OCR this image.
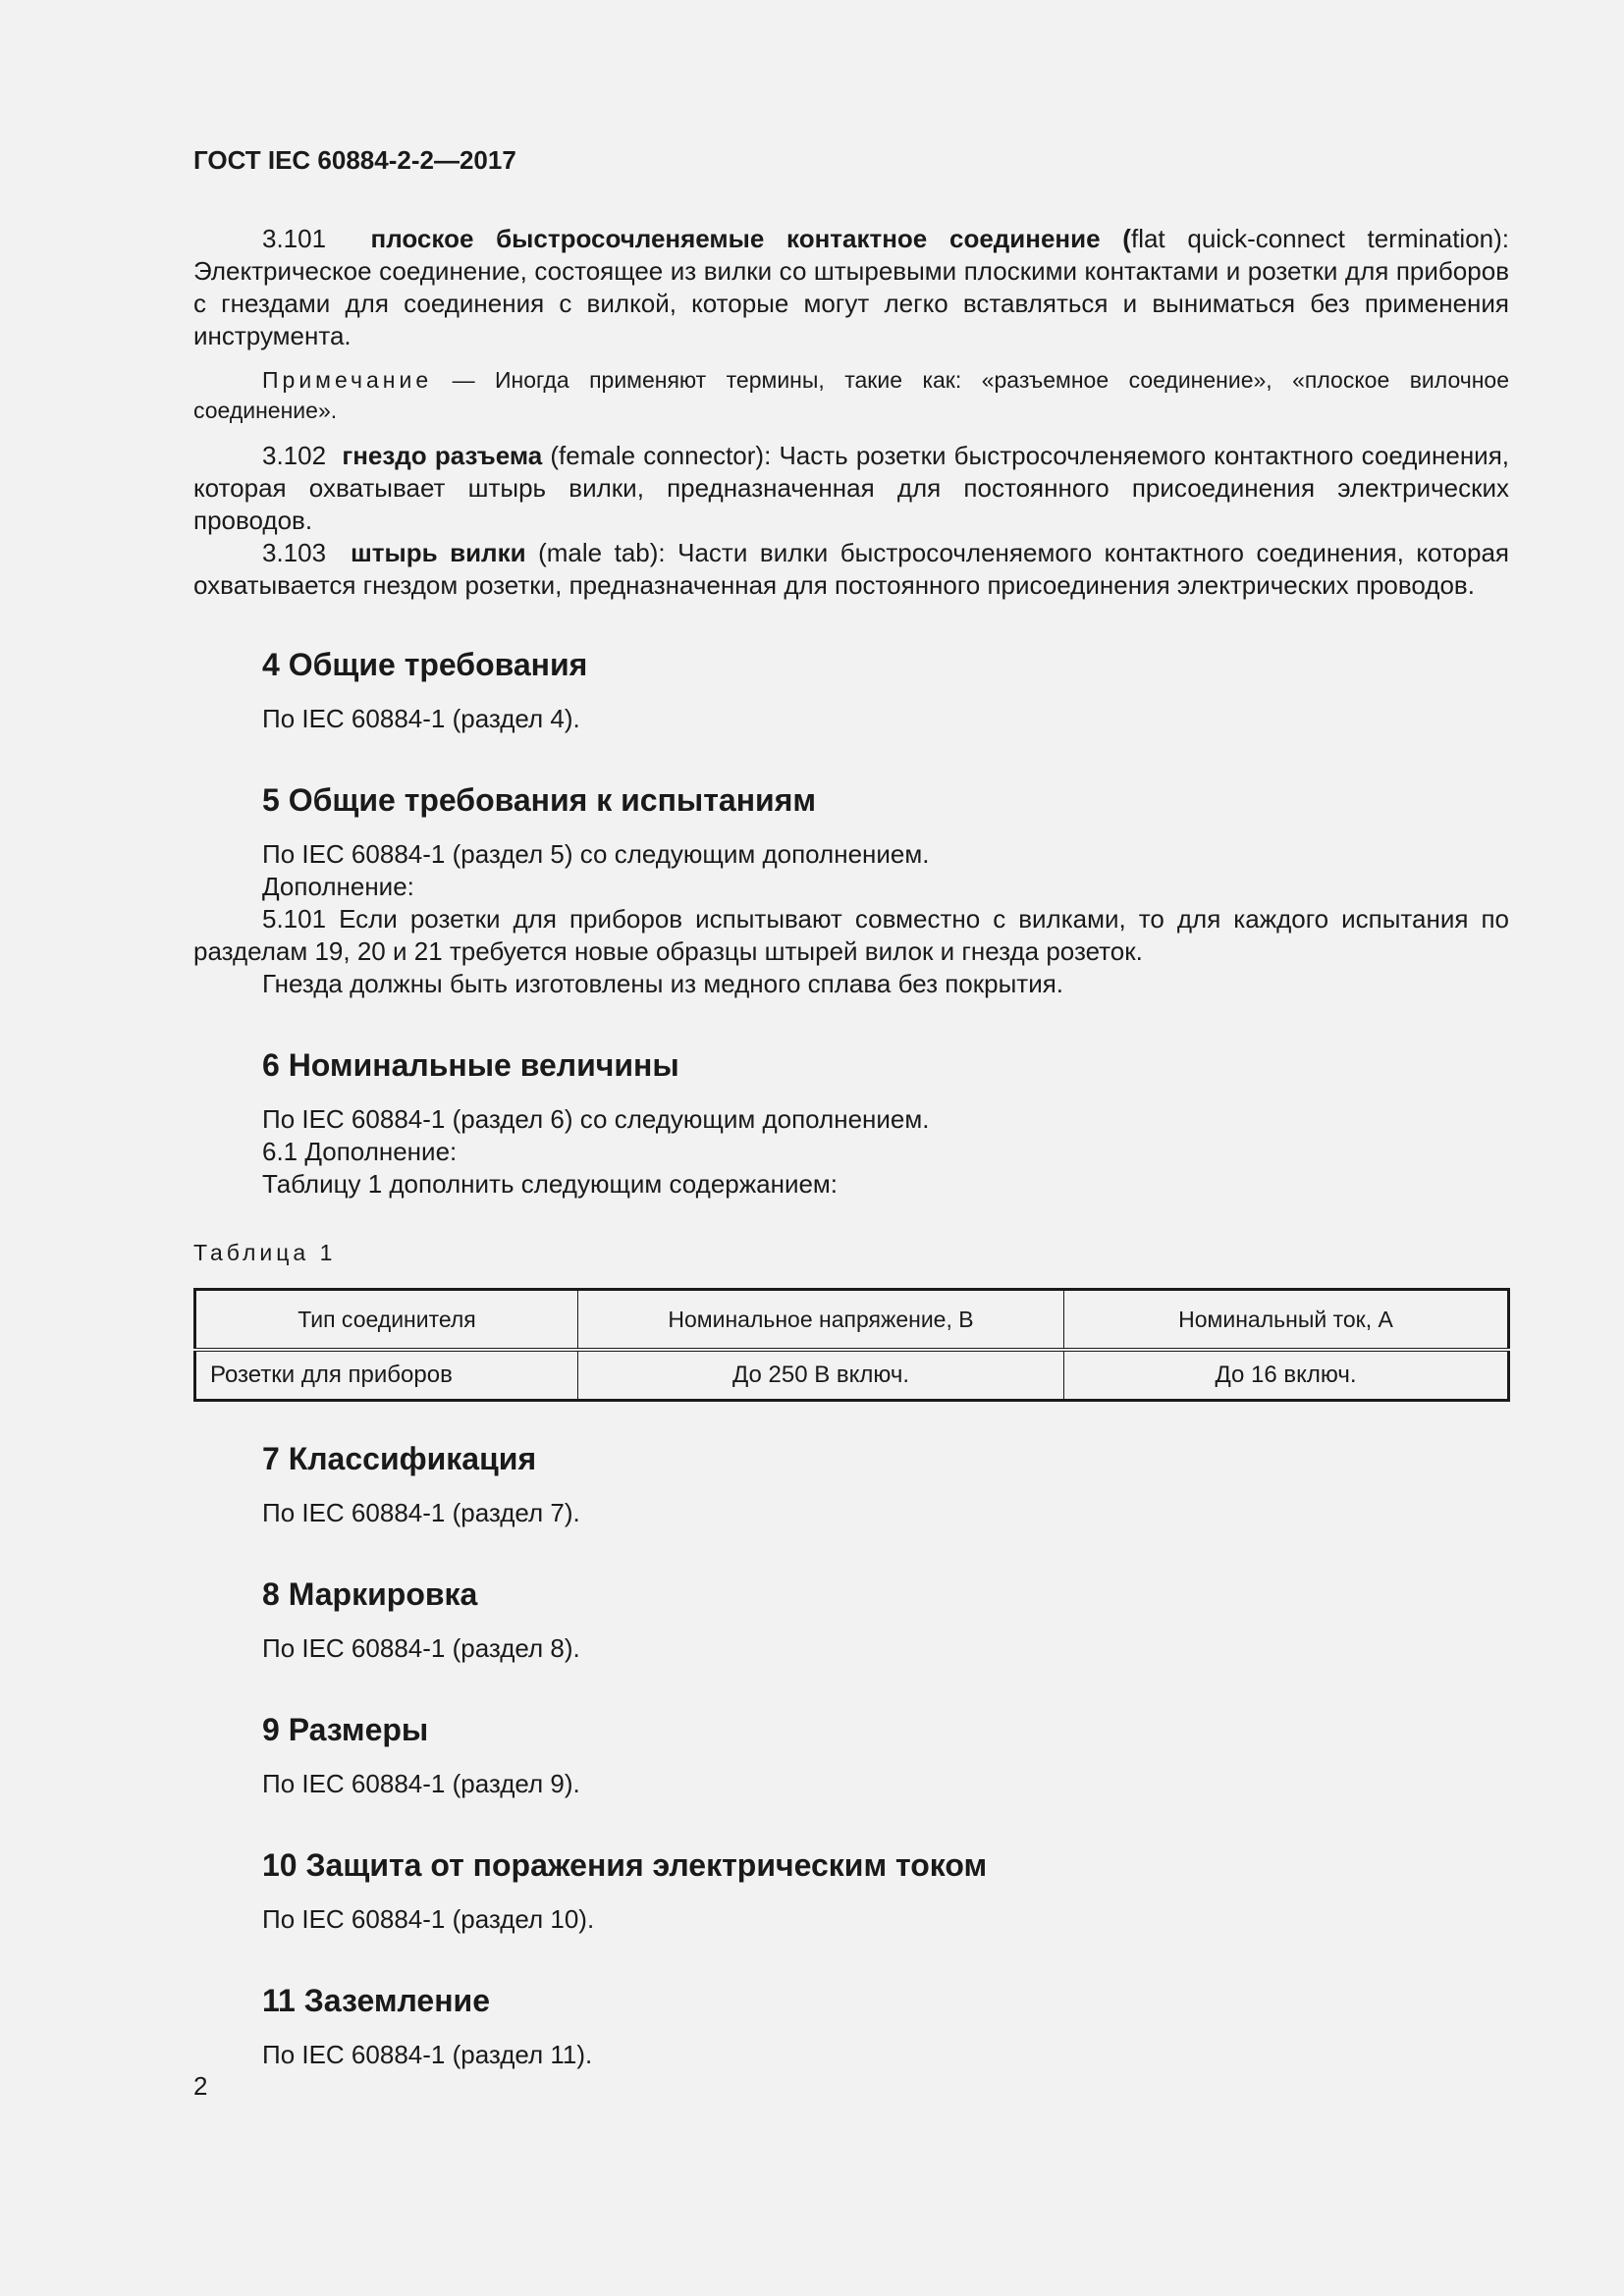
ГОСТ IEC 60884-2-2—2017

3.101 плоское быстросочленяемые контактное соединение (flat quick-connect termination): Электрическое соединение, состоящее из вилки со штыревыми плоскими контактами и розетки для приборов с гнездами для соединения с вилкой, которые могут легко вставляться и выниматься без применения инструмента.

Примечание — Иногда применяют термины, такие как: «разъемное соединение», «плоское вилочное соединение».

3.102 гнездо разъема (female connector): Часть розетки быстросочленяемого контактного соединения, которая охватывает штырь вилки, предназначенная для постоянного присоединения электрических проводов.

3.103 штырь вилки (male tab): Части вилки быстросочленяемого контактного соединения, которая охватывается гнездом розетки, предназначенная для постоянного присоединения электрических проводов.

4 Общие требования

По IEC 60884-1 (раздел 4).

5 Общие требования к испытаниям

По IEC 60884-1 (раздел 5) со следующим дополнением.

Дополнение:

5.101 Если розетки для приборов испытывают совместно с вилками, то для каждого испытания по разделам 19, 20 и 21 требуется новые образцы штырей вилок и гнезда розеток.

Гнезда должны быть изготовлены из медного сплава без покрытия.

6 Номинальные величины

По IEC 60884-1 (раздел 6) со следующим дополнением.

6.1 Дополнение:

Таблицу 1 дополнить следующим содержанием:

Таблица 1
Тип соединителя	Номинальное напряжение, В	Номинальный ток, А
Розетки для приборов	До 250 В включ.	До 16 включ.
7 Классификация

По IEC 60884-1 (раздел 7).

8 Маркировка

По IEC 60884-1 (раздел 8).

9 Размеры

По IEC 60884-1 (раздел 9).

10 Защита от поражения электрическим током

По IEC 60884-1 (раздел 10).

11 Заземление

По IEC 60884-1 (раздел 11).

2
